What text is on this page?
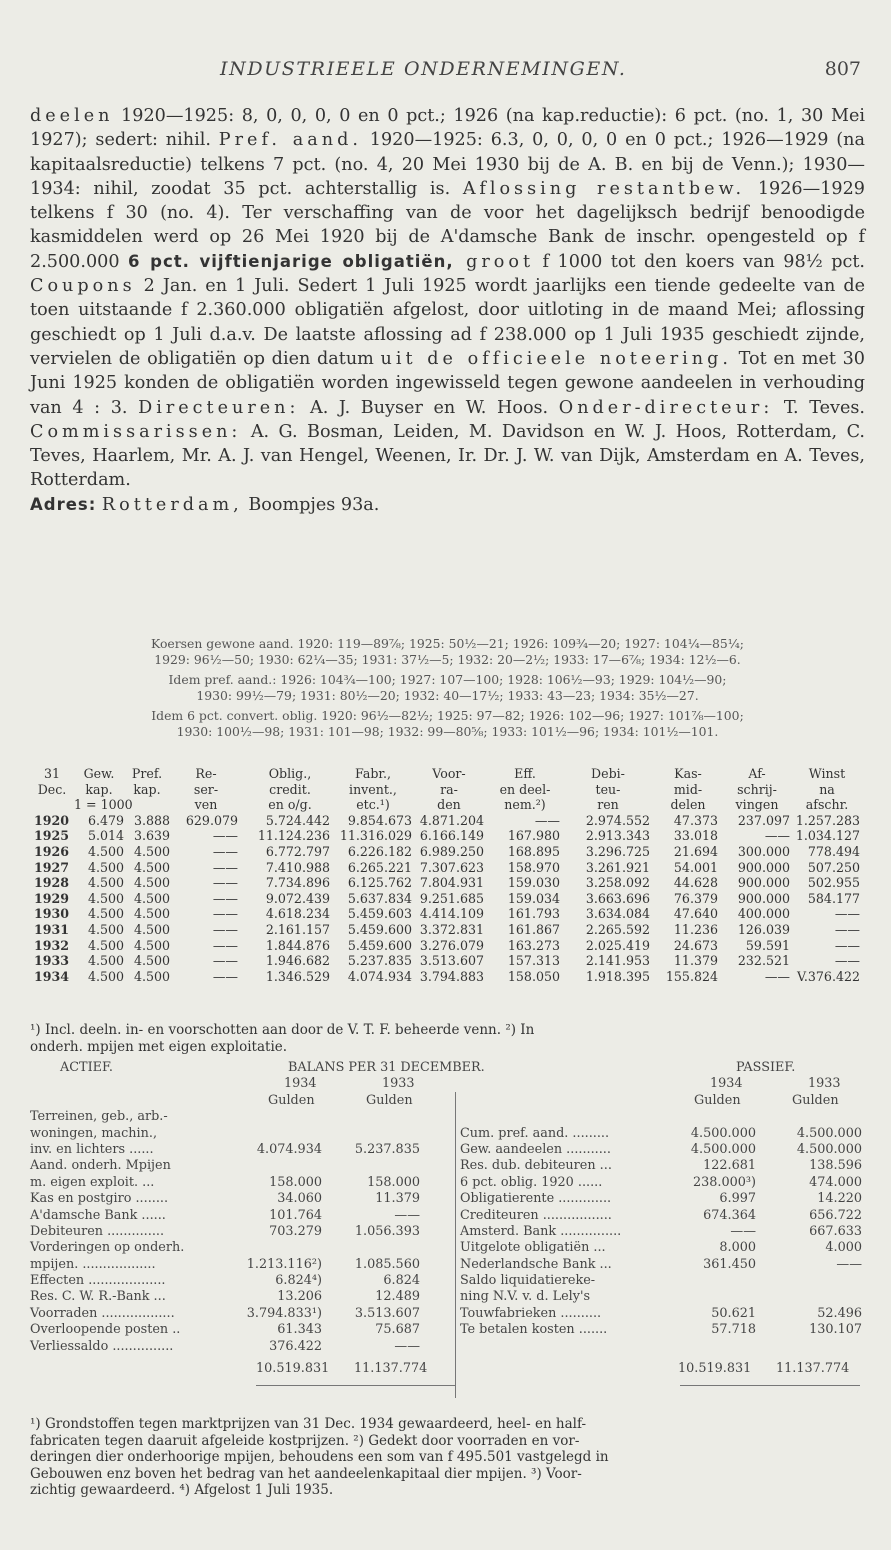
INDUSTRIEELE ONDERNEMINGEN.	807

deelen 1920—1925: 8, 0, 0, 0, 0 en 0 pct.; 1926 (na kap.reductie): 6 pct. (no. 1, 30 Mei 1927); sedert: nihil. Pref. aand. 1920—1925: 6.3, 0, 0, 0, 0 en 0 pct.; 1926—1929 (na kapitaalsreductie) telkens 7 pct. (no. 4, 20 Mei 1930 bij de A. B. en bij de Venn.); 1930—1934: nihil, zoodat 35 pct. achterstallig is. Aflossing restantbew. 1926—1929 telkens f 30 (no. 4). Ter verschaffing van de voor het dagelijksch bedrijf benoodigde kasmiddelen werd op 26 Mei 1920 bij de A'damsche Bank de inschr. opengesteld op f 2.500.000 6 pct. vijftienjarige obligatiën, groot f 1000 tot den koers van 98½ pct. Coupons 2 Jan. en 1 Juli. Sedert 1 Juli 1925 wordt jaarlijks een tiende gedeelte van de toen uitstaande f 2.360.000 obligatiën afgelost, door uitloting in de maand Mei; aflossing geschiedt op 1 Juli d.a.v. De laatste aflossing ad f 238.000 op 1 Juli 1935 geschiedt zijnde, vervielen de obligatiën op dien datum uit de officieele noteering. Tot en met 30 Juni 1925 konden de obligatiën worden ingewisseld tegen gewone aandeelen in verhouding van 4 : 3. Directeuren: A. J. Buyser en W. Hoos. Onder-directeur: T. Teves. Commissarissen: A. G. Bosman, Leiden, M. Davidson en W. J. Hoos, Rotterdam, C. Teves, Haarlem, Mr. A. J. van Hengel, Weenen, Ir. Dr. J. W. van Dijk, Amsterdam en A. Teves, Rotterdam.

Adres: Rotterdam, Boompjes 93a.

Koersen gewone aand. 1920: 119—89⅞; 1925: 50½—21; 1926: 109¾—20; 1927: 104¼—85¼;
1929: 96½—50; 1930: 62¼—35; 1931: 37½—5; 1932: 20—2½; 1933: 17—6⅞; 1934: 12½—6.
Idem pref. aand.: 1926: 104¾—100; 1927: 107—100; 1928: 106½—93; 1929: 104½—90;
1930: 99½—79; 1931: 80½—20; 1932: 40—17½; 1933: 43—23; 1934: 35½—27.
Idem 6 pct. convert. oblig. 1920: 96½—82½; 1925: 97—82; 1926: 102—96; 1927: 101⅞—100;
1930: 100½—98; 1931: 101—98; 1932: 99—80⅝; 1933: 101½—96; 1934: 101½—101.
31	Gew.	Pref.	Re-	Oblig.,	Fabr.,	Voor-	Eff.	Debi-	Kas-	Af-	Winst
Dec.	kap.	kap.	ser-	credit.	invent.,	ra-	en deel-	teu-	mid-	schrij-	na
1 = 1000	ven	en o/g.	etc.¹)	den	nem.²)	ren	delen	vingen	afschr.
1920	6.479 3.888	629.079	5.724.442	9.854.673 4.871.204	——	2.974.552	47.373	237.097 1.257.283
1925	5.014 3.639	——	11.124.236 11.316.029 6.166.149	167.980	2.913.343	33.018	—— 1.034.127
1926	4.500 4.500	——	6.772.797	6.226.182 6.989.250	168.895	3.296.725	21.694	300.000	778.494
1927	4.500 4.500	——	7.410.988	6.265.221 7.307.623	158.970	3.261.921	54.001	900.000	507.250
1928	4.500 4.500	——	7.734.896	6.125.762 7.804.931	159.030	3.258.092	44.628	900.000	502.955
1929	4.500 4.500	——	9.072.439	5.637.834 9.251.685	159.034	3.663.696	76.379	900.000	584.177
1930	4.500 4.500	——	4.618.234	5.459.603 4.414.109	161.793	3.634.084	47.640	400.000	——
1931	4.500 4.500	——	2.161.157	5.459.600 3.372.831	161.867	2.265.592	11.236	126.039	——
1932	4.500 4.500	——	1.844.876	5.459.600 3.276.079	163.273	2.025.419	24.673	59.591	——
1933	4.500 4.500	——	1.946.682	5.237.835 3.513.607	157.313	2.141.953	11.379	232.521	——
1934	4.500 4.500	——	1.346.529	4.074.934 3.794.883	158.050	1.918.395	155.824	—— V.376.422
¹) Incl. deeln. in- en voorschotten aan door de V. T. F. beheerde venn. ²) In
onderh. mpijen met eigen exploitatie.
ACTIEF.	BALANS PER 31 DECEMBER.	PASSIEF.
1934	1933	1934	1933
Gulden	Gulden	Gulden	Gulden
Terreinen, geb., arb.-
woningen, machin.,	Cum. pref. aand. .........	4.500.000	4.500.000
inv. en lichters ......	4.074.934	5.237.835	Gew. aandeelen ...........	4.500.000	4.500.000
Aand. onderh. Mpijen	Res. dub. debiteuren ...	122.681	138.596
m. eigen exploit. ...	158.000	158.000	6 pct. oblig. 1920 ......	238.000³)	474.000
Kas en postgiro ........	34.060	11.379	Obligatierente .............	6.997	14.220
A'damsche Bank ......	101.764	——	Crediteuren .................	674.364	656.722
Debiteuren ..............	703.279	1.056.393	Amsterd. Bank ...............	——	667.633
Vorderingen op onderh.	Uitgelote obligatiën ...	8.000	4.000
mpijen. ..................	1.213.116²)	1.085.560	Nederlandsche Bank ...	361.450	——
Effecten ...................	6.824⁴)	6.824	Saldo liquidatiereke-
Res. C. W. R.-Bank ...	13.206	12.489	ning N.V. v. d. Lely's
Voorraden ..................	3.794.833¹)	3.513.607	Touwfabrieken ..........	50.621	52.496
Overloopende posten ..	61.343	75.687	Te betalen kosten .......	57.718	130.107
Verliessaldo ...............	376.422	——
10.519.831 11.137.774	10.519.831 11.137.774
¹) Grondstoffen tegen marktprijzen van 31 Dec. 1934 gewaardeerd, heel- en half-
fabricaten tegen daaruit afgeleide kostprijzen. ²) Gedekt door voorraden en vor-
deringen dier onderhoorige mpijen, behoudens een som van f 495.501 vastgelegd in
Gebouwen enz boven het bedrag van het aandeelenkapitaal dier mpijen. ³) Voor-
zichtig gewaardeerd. ⁴) Afgelost 1 Juli 1935.
